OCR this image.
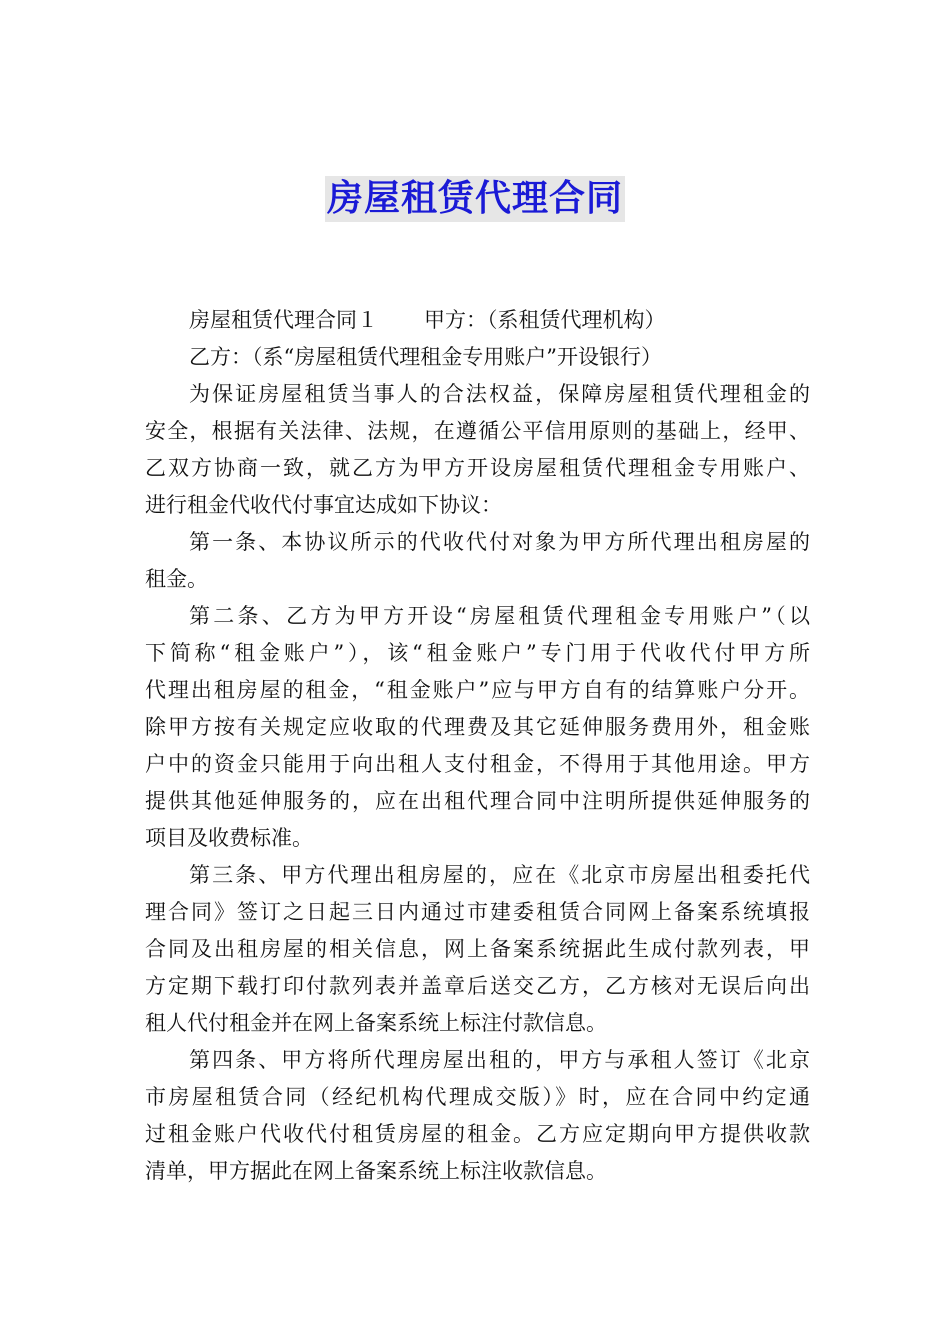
房屋租赁代理合同
房屋租赁代理合同１ 甲方：（系租赁代理机构）
乙方：（系“房屋租赁代理租金专用账户”开设银行）
为保证房屋租赁当事人的合法权益，保障房屋租赁代理租金的
安全，根据有关法律、法规，在遵循公平信用原则的基础上，经甲、
乙双方协商一致，就乙方为甲方开设房屋租赁代理租金专用账户、
进行租金代收代付事宜达成如下协议：
第一条、本协议所示的代收代付对象为甲方所代理出租房屋的
租金。
第二条、乙方为甲方开设“房屋租赁代理租金专用账户”（以
下简称“租金账户”），该“租金账户”专门用于代收代付甲方所
代理出租房屋的租金，“租金账户”应与甲方自有的结算账户分开。
除甲方按有关规定应收取的代理费及其它延伸服务费用外，租金账
户中的资金只能用于向出租人支付租金，不得用于其他用途。甲方
提供其他延伸服务的，应在出租代理合同中注明所提供延伸服务的
项目及收费标准。
第三条、甲方代理出租房屋的，应在《北京市房屋出租委托代
理合同》签订之日起三日内通过市建委租赁合同网上备案系统填报
合同及出租房屋的相关信息，网上备案系统据此生成付款列表，甲
方定期下载打印付款列表并盖章后送交乙方，乙方核对无误后向出
租人代付租金并在网上备案系统上标注付款信息。
第四条、甲方将所代理房屋出租的，甲方与承租人签订《北京
市房屋租赁合同（经纪机构代理成交版）》时，应在合同中约定通
过租金账户代收代付租赁房屋的租金。乙方应定期向甲方提供收款
清单，甲方据此在网上备案系统上标注收款信息。
